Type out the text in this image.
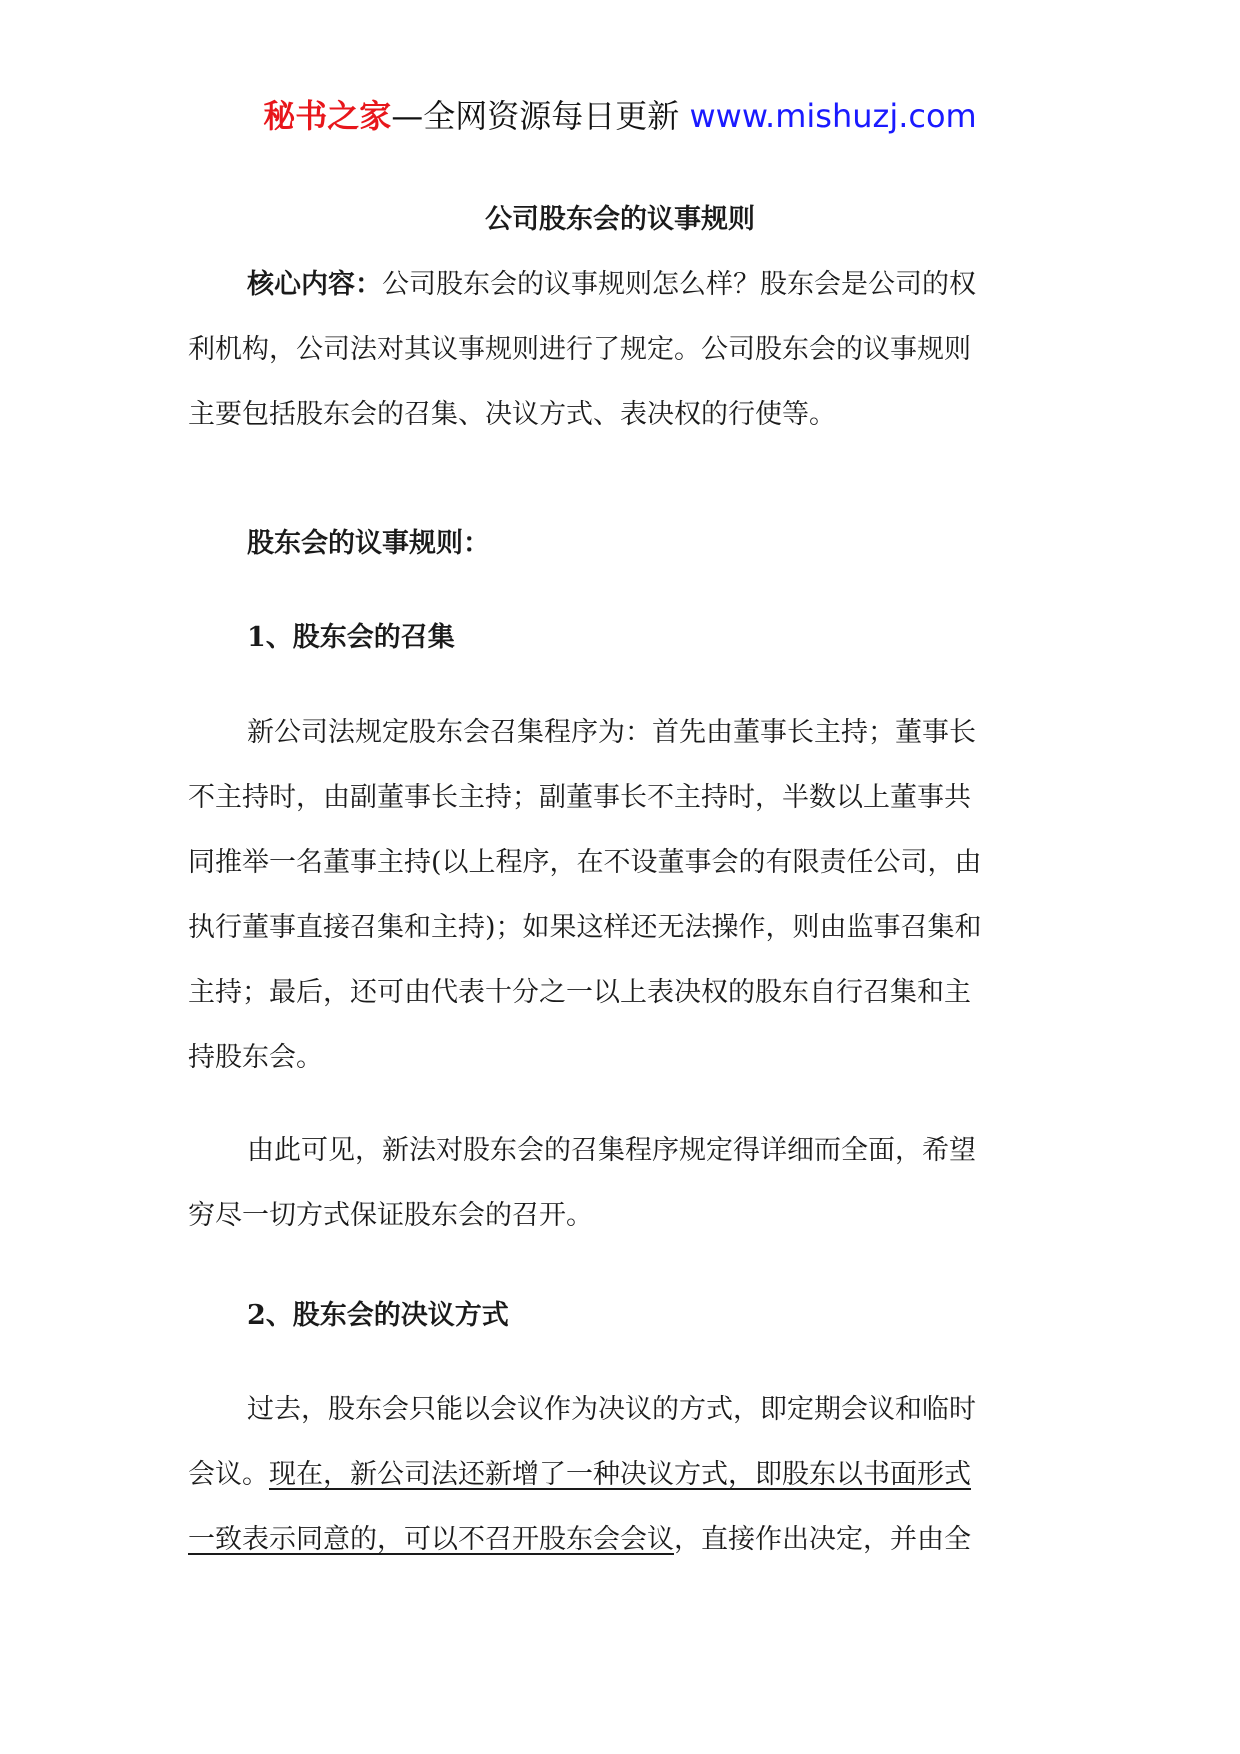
秘书之家—全网资源每日更新 www.mishuzj.com
公司股东会的议事规则
核心内容：公司股东会的议事规则怎么样？股东会是公司的权
利机构，公司法对其议事规则进行了规定。公司股东会的议事规则
主要包括股东会的召集、决议方式、表决权的行使等。
股东会的议事规则：
1、股东会的召集
新公司法规定股东会召集程序为：首先由董事长主持；董事长
不主持时，由副董事长主持；副董事长不主持时，半数以上董事共
同推举一名董事主持(以上程序，在不设董事会的有限责任公司，由
执行董事直接召集和主持)；如果这样还无法操作，则由监事召集和
主持；最后，还可由代表十分之一以上表决权的股东自行召集和主
持股东会。
由此可见，新法对股东会的召集程序规定得详细而全面，希望
穷尽一切方式保证股东会的召开。
2、股东会的决议方式
过去，股东会只能以会议作为决议的方式，即定期会议和临时
会议。现在，新公司法还新增了一种决议方式，即股东以书面形式
一致表示同意的，可以不召开股东会会议，直接作出决定，并由全
